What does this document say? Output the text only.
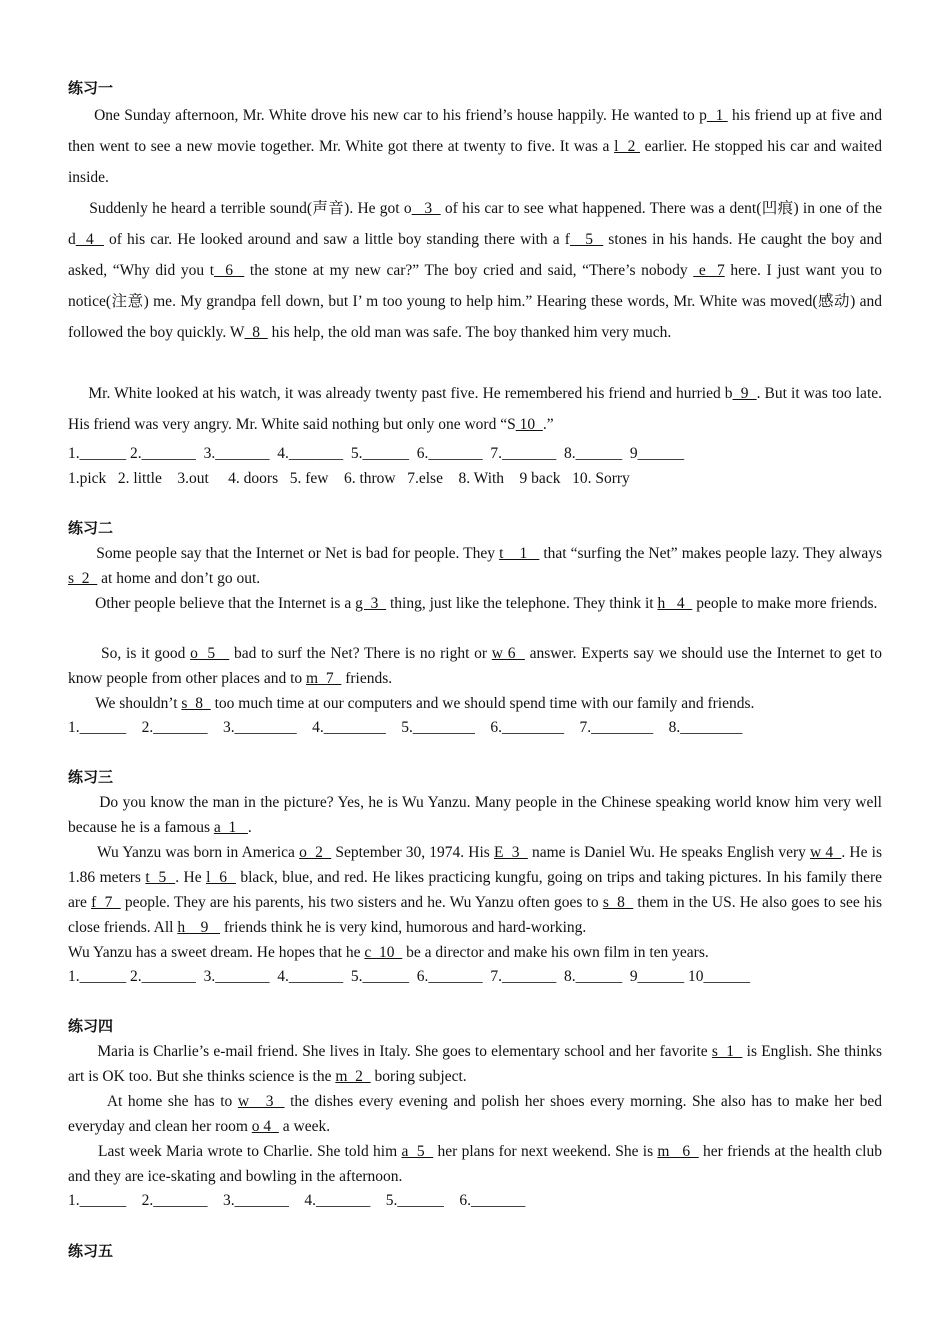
练习一
One Sunday afternoon, Mr. White drove his new car to his friend’s house happily. He wanted to p  1  his friend up at five and then went to see a new movie together. Mr. White got there at twenty to five. It was a l  2  earlier. He stopped his car and waited inside.
Suddenly he heard a terrible sound(声音). He got o   3   of his car to see what happened. There was a dent(凹痕) in one of the d  4   of his car. He looked around and saw a little boy standing there with a f   5   stones in his hands. He caught the boy and asked, “Why did you t  6   the stone at my new car?” The boy cried and said, “There’s nobody  e  7 here. I just want you to notice(注意) me. My grandpa fell down, but I’ m too young to help him.” Hearing these words, Mr. White was moved(感动) and followed the boy quickly. W  8   his help, the old man was safe. The boy thanked him very much.
Mr. White looked at his watch, it was already twenty past five. He remembered his friend and hurried b  9  . But it was too late. His friend was very angry. Mr. White said nothing but only one word “S 10  .”
1.______ 2._______  3._______  4._______  5.______  6._______  7._______  8.______  9______
1.pick   2. little    3.out     4. doors   5. few    6. throw   7.else    8. With    9 back   10. Sorry
练习二
Some people say that the Internet or Net is bad for people. They t    1    that “surfing the Net” makes people lazy. They always s  2   at home and don’t go out.
Other people believe that the Internet is a g  3   thing, just like the telephone. They think it h   4   people to make more friends.
So, is it good o  5    bad to surf the Net? There is no right or w 6   answer. Experts say we should use the Internet to get to know people from other places and to m  7   friends.
We shouldn’t s  8   too much time at our computers and we should spend time with our family and friends.
1.______    2._______    3.________    4.________    5.________    6.________    7.________    8.________
练习三
Do you know the man in the picture? Yes, he is Wu Yanzu. Many people in the Chinese speaking world know him very well because he is a famous a  1   .
Wu Yanzu was born in America o  2   September 30, 1974. His E  3   name is Daniel Wu. He speaks English very w 4  . He is 1.86 meters t  5  . He l  6   black, blue, and red. He likes practicing kungfu, going on trips and taking pictures. In his family there are f  7   people. They are his parents, his two sisters and he. Wu Yanzu often goes to s  8   them in the US. He also goes to see his close friends. All h    9    friends think he is very kind, humorous and hard-working.
Wu Yanzu has a sweet dream. He hopes that he c  10   be a director and make his own film in ten years.
1.______ 2._______  3._______  4._______  5.______  6._______  7._______  8.______  9______ 10______
练习四
Maria is Charlie’s e-mail friend. She lives in Italy. She goes to elementary school and her favorite s  1   is English. She thinks art is OK too. But she thinks science is the m  2   boring subject.
At home she has to w   3   the dishes every evening and polish her shoes every morning. She also has to make her bed everyday and clean her room o 4   a week.
Last week Maria wrote to Charlie. She told him a  5   her plans for next weekend. She is m   6   her friends at the health club and they are ice-skating and bowling in the afternoon.
1.______    2._______    3._______    4._______    5.______    6._______
练习五
